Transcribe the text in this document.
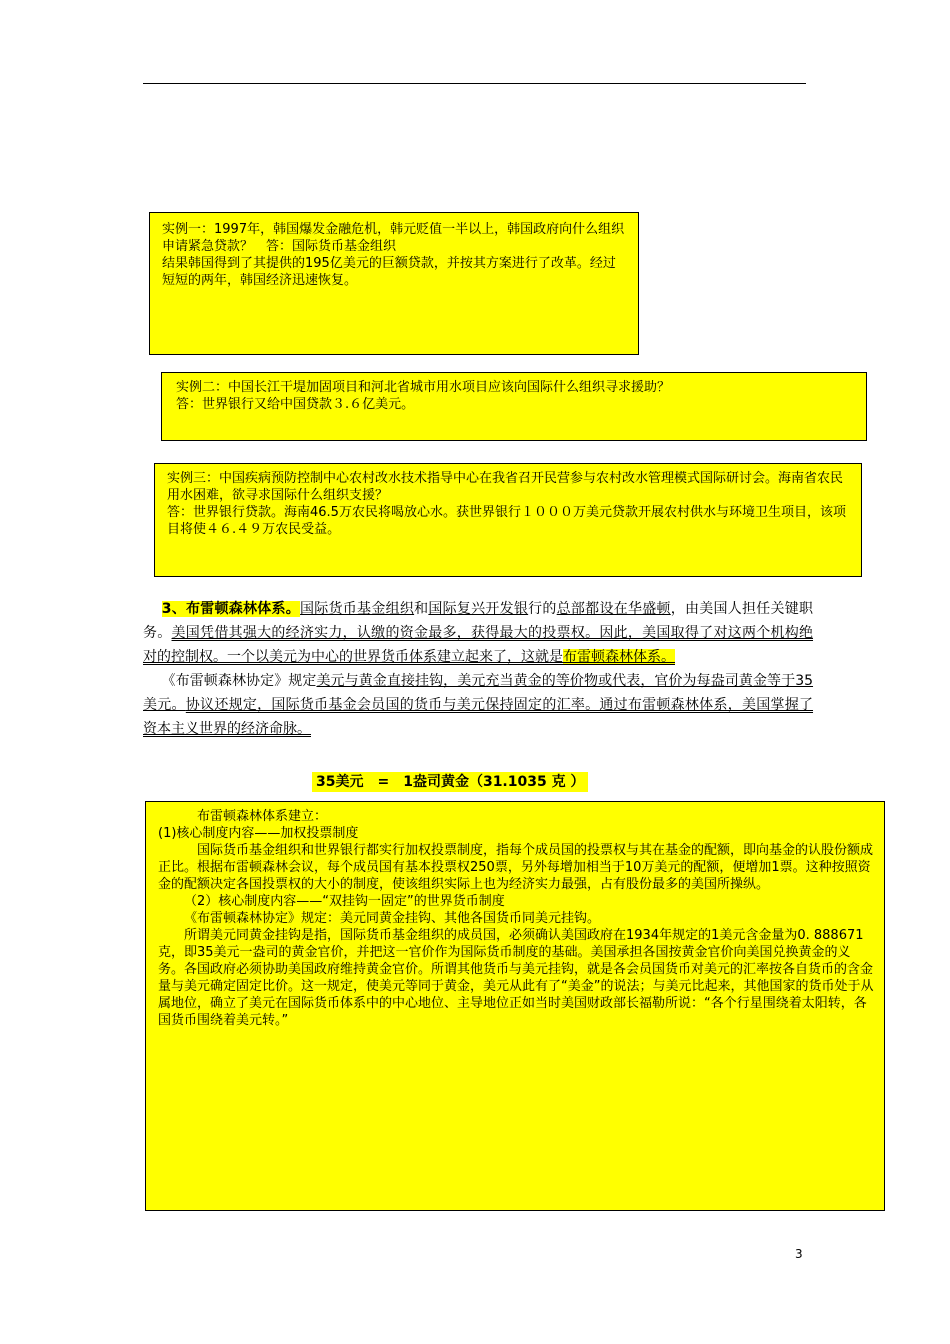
实例一：1997年，韩国爆发金融危机，韩元贬值一半以上，韩国政府向什么组织申请紧急贷款？　答：国际货币基金组织

结果韩国得到了其提供的195亿美元的巨额贷款，并按其方案进行了改革。经过短短的两年，韩国经济迅速恢复。

实例二：中国长江干堤加固项目和河北省城市用水项目应该向国际什么组织寻求援助？

答：世界银行又给中国贷款３.６亿美元。

实例三：中国疾病预防控制中心农村改水技术指导中心在我省召开民营参与农村改水管理模式国际研讨会。海南省农民用水困难，欲寻求国际什么组织支援？

答：世界银行贷款。海南46.5万农民将喝放心水。获世界银行１０００万美元贷款开展农村供水与环境卫生项目，该项目将使４６.４９万农民受益。

  3、布雷顿森林体系。国际货币基金组织和国际复兴开发银行的总部都设在华盛顿，由美国人担任关键职务。美国凭借其强大的经济实力，认缴的资金最多，获得最大的投票权。因此，美国取得了对这两个机构绝对的控制权。一个以美元为中心的世界货币体系建立起来了，这就是布雷顿森林体系。

  《布雷顿森林协定》规定美元与黄金直接挂钩，美元充当黄金的等价物或代表，官价为每盎司黄金等于35美元。协议还规定，国际货币基金会员国的货币与美元保持固定的汇率。通过布雷顿森林体系，美国掌握了资本主义世界的经济命脉。

35美元　=　1盎司黄金（31.1035 克 ）

布雷顿森林体系建立：

(1)核心制度内容——加权投票制度

国际货币基金组织和世界银行都实行加权投票制度，指每个成员国的投票权与其在基金的配额，即向基金的认股份额成正比。根据布雷顿森林会议，每个成员国有基本投票权250票，另外每增加相当于10万美元的配额，便增加1票。这种按照资金的配额决定各国投票权的大小的制度，使该组织实际上也为经济实力最强，占有股份最多的美国所操纵。

（2）核心制度内容——“双挂钩一固定”的世界货币制度

《布雷顿森林协定》规定：美元同黄金挂钩、其他各国货币同美元挂钩。

所谓美元同黄金挂钩是指，国际货币基金组织的成员国，必须确认美国政府在1934年规定的1美元含金量为0. 888671克，即35美元一盎司的黄金官价，并把这一官价作为国际货币制度的基础。美国承担各国按黄金官价向美国兑换黄金的义务。各国政府必须协助美国政府维持黄金官价。所谓其他货币与美元挂钩，就是各会员国货币对美元的汇率按各自货币的含金量与美元确定固定比价。这一规定，使美元等同于黄金，美元从此有了“美金”的说法；与美元比起来，其他国家的货币处于从属地位，确立了美元在国际货币体系中的中心地位、主导地位正如当时美国财政部长福勒所说：“各个行星围绕着太阳转，各国货币围绕着美元转。”

3
